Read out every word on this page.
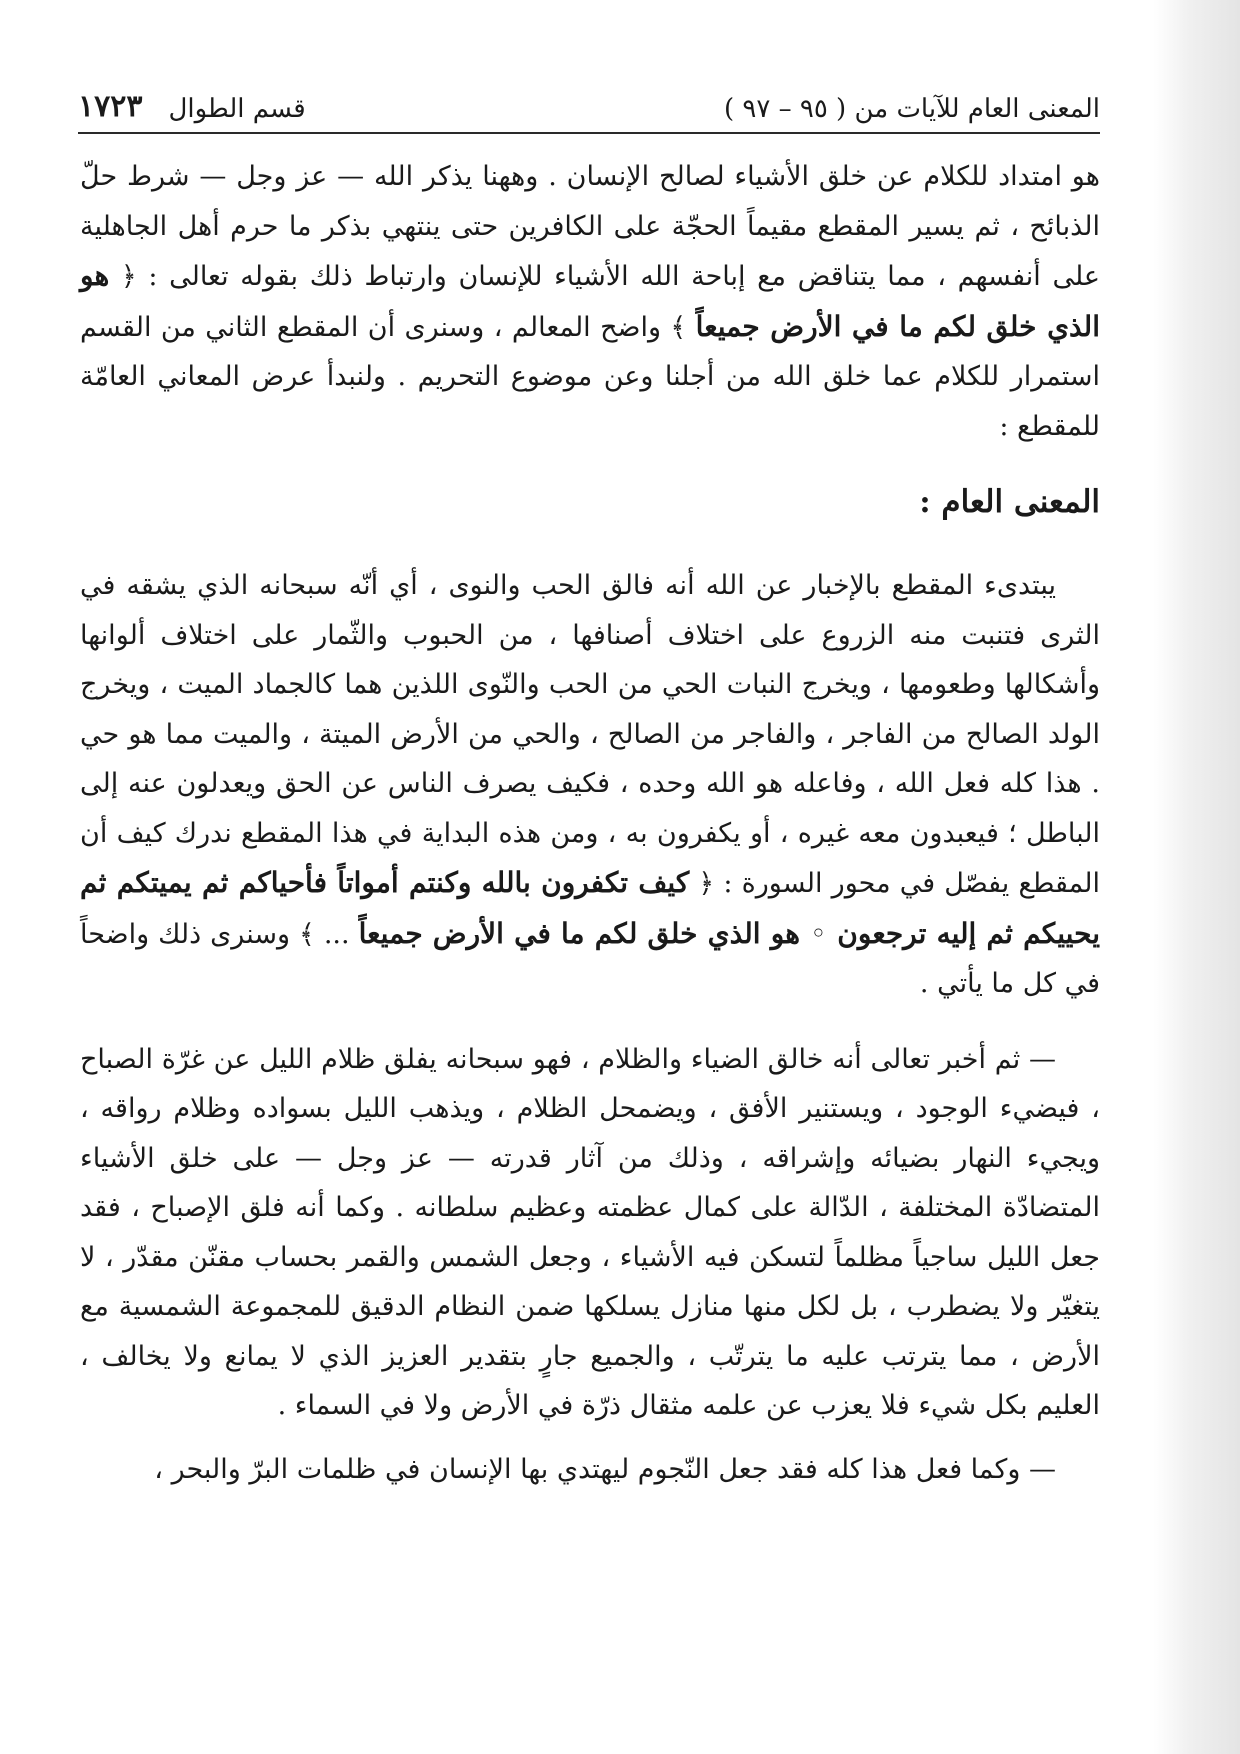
المعنى العام للآيات من ( ٩٥ – ٩٧ )
قسم الطوال
١٧٢٣

هو امتداد للكلام عن خلق الأشياء لصالح الإنسان . وههنا يذكر الله — عز وجل — شرط حلّ الذبائح ، ثم يسير المقطع مقيماً الحجّة على الكافرين حتى ينتهي بذكر ما حرم أهل الجاهلية على أنفسهم ، مما يتناقض مع إباحة الله الأشياء للإنسان وارتباط ذلك بقوله تعالى : ﴿ هو الذي خلق لكم ما في الأرض جميعاً ﴾ واضح المعالم ، وسنرى أن المقطع الثاني من القسم استمرار للكلام عما خلق الله من أجلنا وعن موضوع التحريم . ولنبدأ عرض المعاني العامّة للمقطع :

المعنى العام :

يبتدىء المقطع بالإخبار عن الله أنه فالق الحب والنوى ، أي أنّه سبحانه الذي يشقه في الثرى فتنبت منه الزروع على اختلاف أصنافها ، من الحبوب والثّمار على اختلاف ألوانها وأشكالها وطعومها ، ويخرج النبات الحي من الحب والنّوى اللذين هما كالجماد الميت ، ويخرج الولد الصالح من الفاجر ، والفاجر من الصالح ، والحي من الأرض الميتة ، والميت مما هو حي . هذا كله فعل الله ، وفاعله هو الله وحده ، فكيف يصرف الناس عن الحق ويعدلون عنه إلى الباطل ؛ فيعبدون معه غيره ، أو يكفرون به ، ومن هذه البداية في هذا المقطع ندرك كيف أن المقطع يفصّل في محور السورة : ﴿ كيف تكفرون بالله وكنتم أمواتاً فأحياكم ثم يميتكم ثم يحييكم ثم إليه ترجعون ◦ هو الذي خلق لكم ما في الأرض جميعاً ... ﴾ وسنرى ذلك واضحاً في كل ما يأتي .

— ثم أخبر تعالى أنه خالق الضياء والظلام ، فهو سبحانه يفلق ظلام الليل عن غرّة الصباح ، فيضيء الوجود ، ويستنير الأفق ، ويضمحل الظلام ، ويذهب الليل بسواده وظلام رواقه ، ويجيء النهار بضيائه وإشراقه ، وذلك من آثار قدرته — عز وجل — على خلق الأشياء المتضادّة المختلفة ، الدّالة على كمال عظمته وعظيم سلطانه . وكما أنه فلق الإصباح ، فقد جعل الليل ساجياً مظلماً لتسكن فيه الأشياء ، وجعل الشمس والقمر بحساب مقنّن مقدّر ، لا يتغيّر ولا يضطرب ، بل لكل منها منازل يسلكها ضمن النظام الدقيق للمجموعة الشمسية مع الأرض ، مما يترتب عليه ما يترتّب ، والجميع جارٍ بتقدير العزيز الذي لا يمانع ولا يخالف ، العليم بكل شيء فلا يعزب عن علمه مثقال ذرّة في الأرض ولا في السماء .

— وكما فعل هذا كله فقد جعل النّجوم ليهتدي بها الإنسان في ظلمات البرّ والبحر ،
